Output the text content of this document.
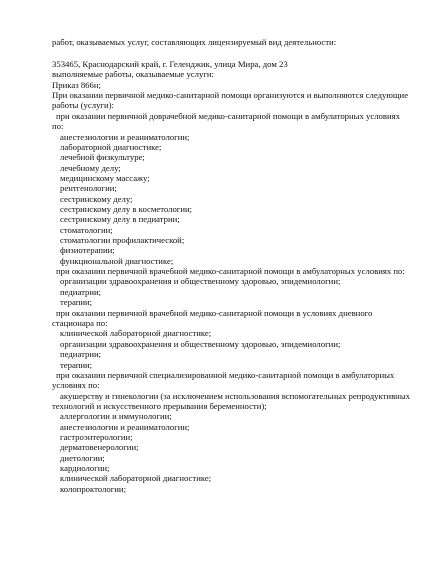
работ, оказываемых услуг, составляющих лицензируемый вид деятельности:
353465, Краснодарский край, г. Геленджик, улица Мира, дом 23
выполняемые работы, оказываемые услуги:
Приказ 866н;
При оказании первичной медико-санитарной помощи организуются и выполняются следующие
работы (услуги):
при оказании первичной доврачебной медико-санитарной помощи в амбулаторных условиях
по:
анестезиологии и реаниматологии;
лабораторной диагностике;
лечебной физкультуре;
лечебному делу;
медицинскому массажу;
рентгенологии;
сестринскому делу;
сестринскому делу в косметологии;
сестринскому делу в педиатрии;
стоматологии;
стоматологии профилактической;
физиотерапии;
функциональной диагностике;
при оказании первичной врачебной медико-санитарной помощи в амбулаторных условиях по:
организации здравоохранения и общественному здоровью, эпидемиологии;
педиатрии;
терапии;
при оказании первичной врачебной медико-санитарной помощи в условиях дневного
стационара по:
клинической лабораторной диагностике;
организации здравоохранения и общественному здоровью, эпидемиологии;
педиатрии;
терапии;
при оказании первичной специализированной медико-санитарной помощи в амбулаторных
условиях по:
акушерству и гинекологии (за исключением использования вспомогательных репродуктивных
технологий и искусственного прерывания беременности);
аллергологии и иммунологии;
анестезиологии и реаниматологии;
гастроэнтерологии;
дерматовенерологии;
диетологии;
кардиологии;
клинической лабораторной диагностике;
колопроктологии;
